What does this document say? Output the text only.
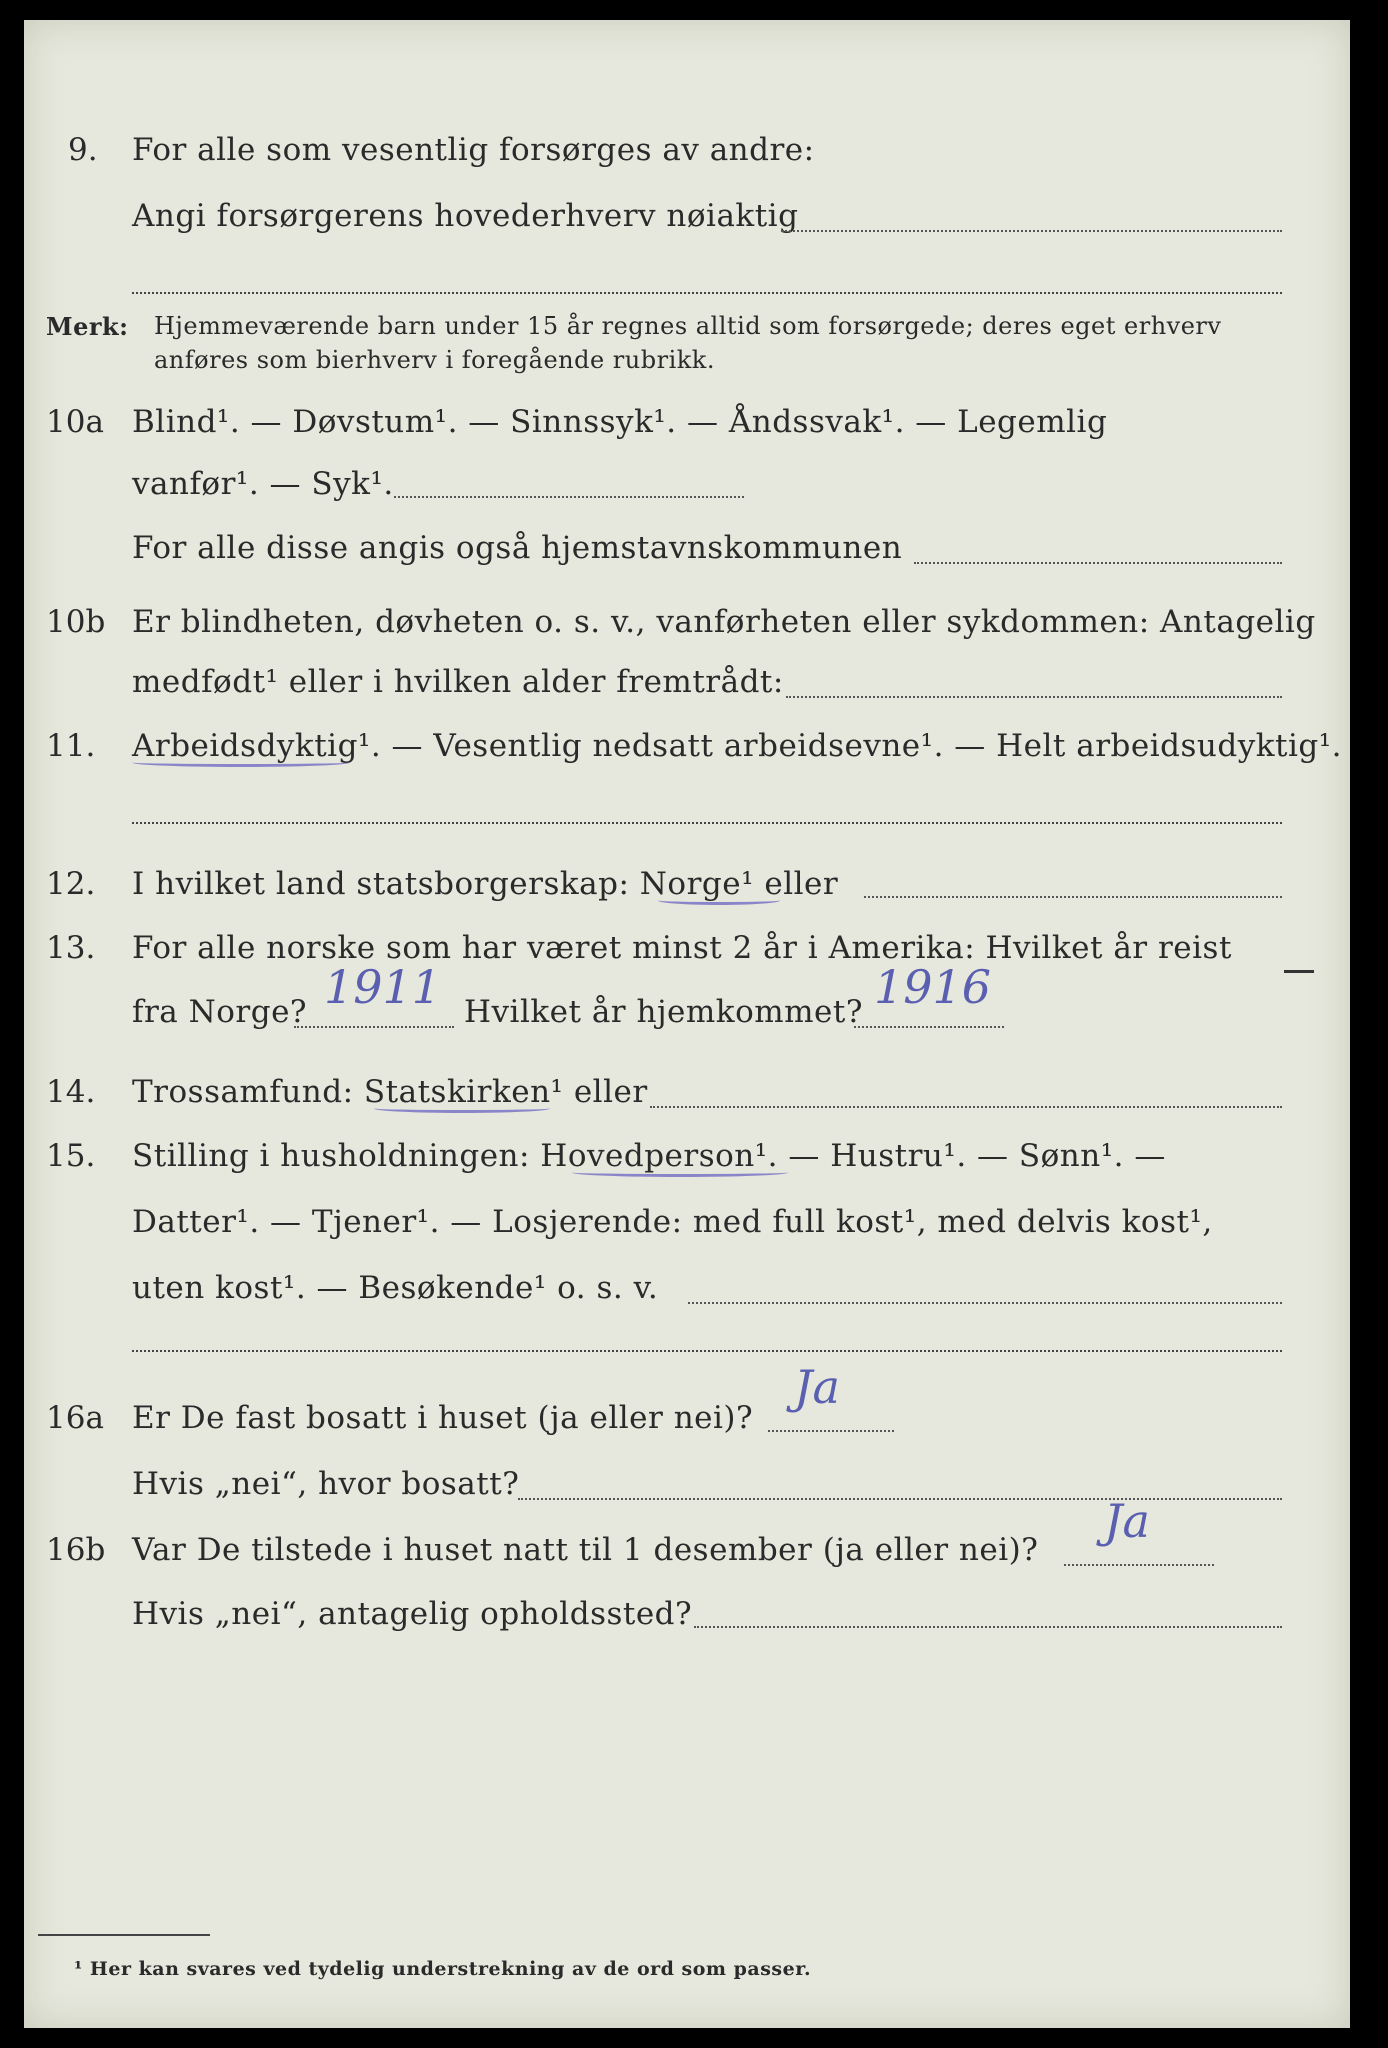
9. For alle som vesentlig forsørges av andre:
Angi forsørgerens hovederhverv nøiaktig
Merk: Hjemmeværende barn under 15 år regnes alltid som forsørgede; deres eget erhverv
anføres som bierhverv i foregående rubrikk.
10a Blind¹. — Døvstum¹. — Sinnssyk¹. — Åndssvak¹. — Legemlig
vanfør¹. — Syk¹.
For alle disse angis også hjemstavnskommunen
10b Er blindheten, døvheten o. s. v., vanførheten eller sykdommen: Antagelig
medfødt¹ eller i hvilken alder fremtrådt:
11. Arbeidsdyktig¹. — Vesentlig nedsatt arbeidsevne¹. — Helt arbeidsudyktig¹.
12. I hvilket land statsborgerskap: Norge¹ eller
13. For alle norske som har været minst 2 år i Amerika: Hvilket år reist
fra Norge? 1911 Hvilket år hjemkommet? 1916
14. Trossamfund: Statskirken¹ eller
15. Stilling i husholdningen: Hovedperson¹. — Hustru¹. — Sønn¹. —
Datter¹. — Tjener¹. — Losjerende: med full kost¹, med delvis kost¹,
uten kost¹. — Besøkende¹ o. s. v.
16a Er De fast bosatt i huset (ja eller nei)?
Ja
Hvis „nei“, hvor bosatt?
16b Var De tilstede i huset natt til 1 desember (ja eller nei)?
Ja
Hvis „nei“, antagelig opholdssted?
¹ Her kan svares ved tydelig understrekning av de ord som passer.
